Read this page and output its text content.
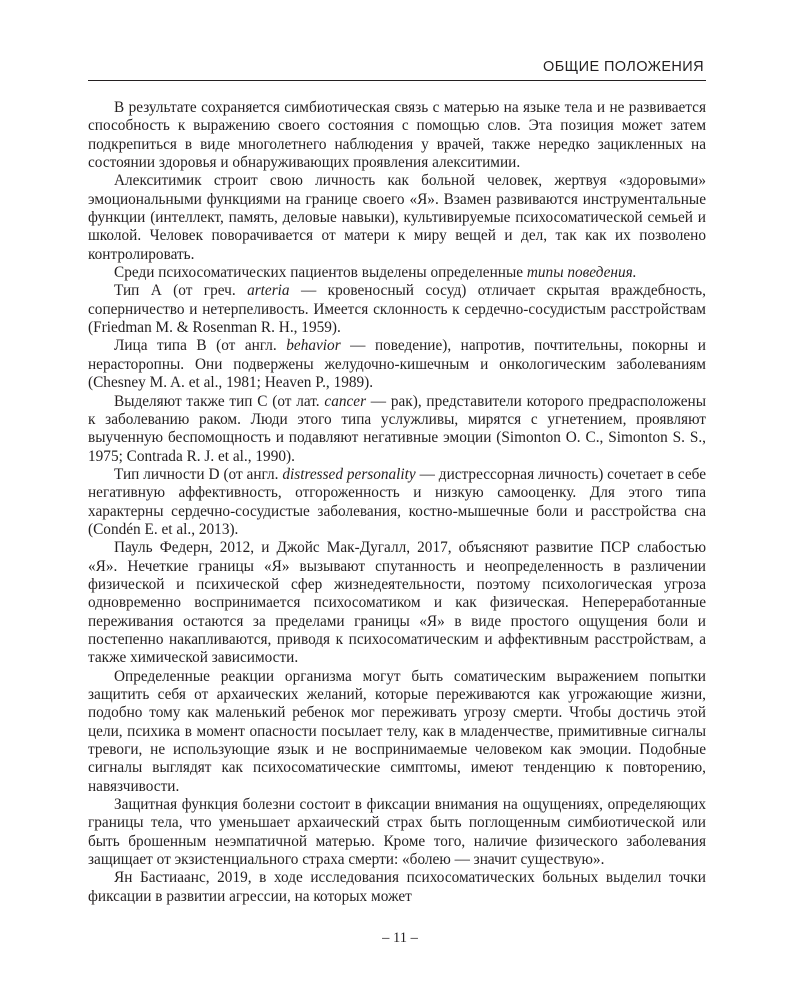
ОБЩИЕ ПОЛОЖЕНИЯ

В результате сохраняется симбиотическая связь с матерью на языке тела и не развивается способность к выражению своего состояния с помощью слов. Эта позиция может затем подкрепиться в виде многолетнего наблюдения у врачей, также нередко зацикленных на состоянии здоровья и обнаруживающих проявления алекситимии.

Алекситимик строит свою личность как больной человек, жертвуя «здоровыми» эмоциональными функциями на границе своего «Я». Взамен развиваются инструментальные функции (интеллект, память, деловые навыки), культивируемые психосоматической семьей и школой. Человек поворачивается от матери к миру вещей и дел, так как их позволено контролировать.

Среди психосоматических пациентов выделены определенные типы поведения.

Тип А (от греч. arteria — кровеносный сосуд) отличает скрытая враждебность, соперничество и нетерпеливость. Имеется склонность к сердечно-сосудистым расстройствам (Friedman M. & Rosenman R. H., 1959).

Лица типа В (от англ. behavior — поведение), напротив, почтительны, покорны и нерасторопны. Они подвержены желудочно-кишечным и онкологическим заболеваниям (Chesney M. A. et al., 1981; Heaven P., 1989).

Выделяют также тип С (от лат. cancer — рак), представители которого предрасположены к заболеванию раком. Люди этого типа услужливы, мирятся с угнетением, проявляют выученную беспомощность и подавляют негативные эмоции (Simonton O. C., Simonton S. S., 1975; Contrada R. J. et al., 1990).

Тип личности D (от англ. distressed personality — дистрессорная личность) сочетает в себе негативную аффективность, отгороженность и низкую самооценку. Для этого типа характерны сердечно-сосудистые заболевания, костно-мышечные боли и расстройства сна (Condén E. et al., 2013).

Пауль Федерн, 2012, и Джойс Мак-Дугалл, 2017, объясняют развитие ПСР слабостью «Я». Нечеткие границы «Я» вызывают спутанность и неопределенность в различении физической и психической сфер жизнедеятельности, поэтому психологическая угроза одновременно воспринимается психосоматиком и как физическая. Непереработанные переживания остаются за пределами границы «Я» в виде простого ощущения боли и постепенно накапливаются, приводя к психосоматическим и аффективным расстройствам, а также химической зависимости.

Определенные реакции организма могут быть соматическим выражением попытки защитить себя от архаических желаний, которые переживаются как угрожающие жизни, подобно тому как маленький ребенок мог переживать угрозу смерти. Чтобы достичь этой цели, психика в момент опасности посылает телу, как в младенчестве, примитивные сигналы тревоги, не использующие язык и не воспринимаемые человеком как эмоции. Подобные сигналы выглядят как психосоматические симптомы, имеют тенденцию к повторению, навязчивости.

Защитная функция болезни состоит в фиксации внимания на ощущениях, определяющих границы тела, что уменьшает архаический страх быть поглощенным симбиотической или быть брошенным неэмпатичной матерью. Кроме того, наличие физического заболевания защищает от экзистенциального страха смерти: «болею — значит существую».

Ян Бастиаанс, 2019, в ходе исследования психосоматических больных выделил точки фиксации в развитии агрессии, на которых может

– 11 –
